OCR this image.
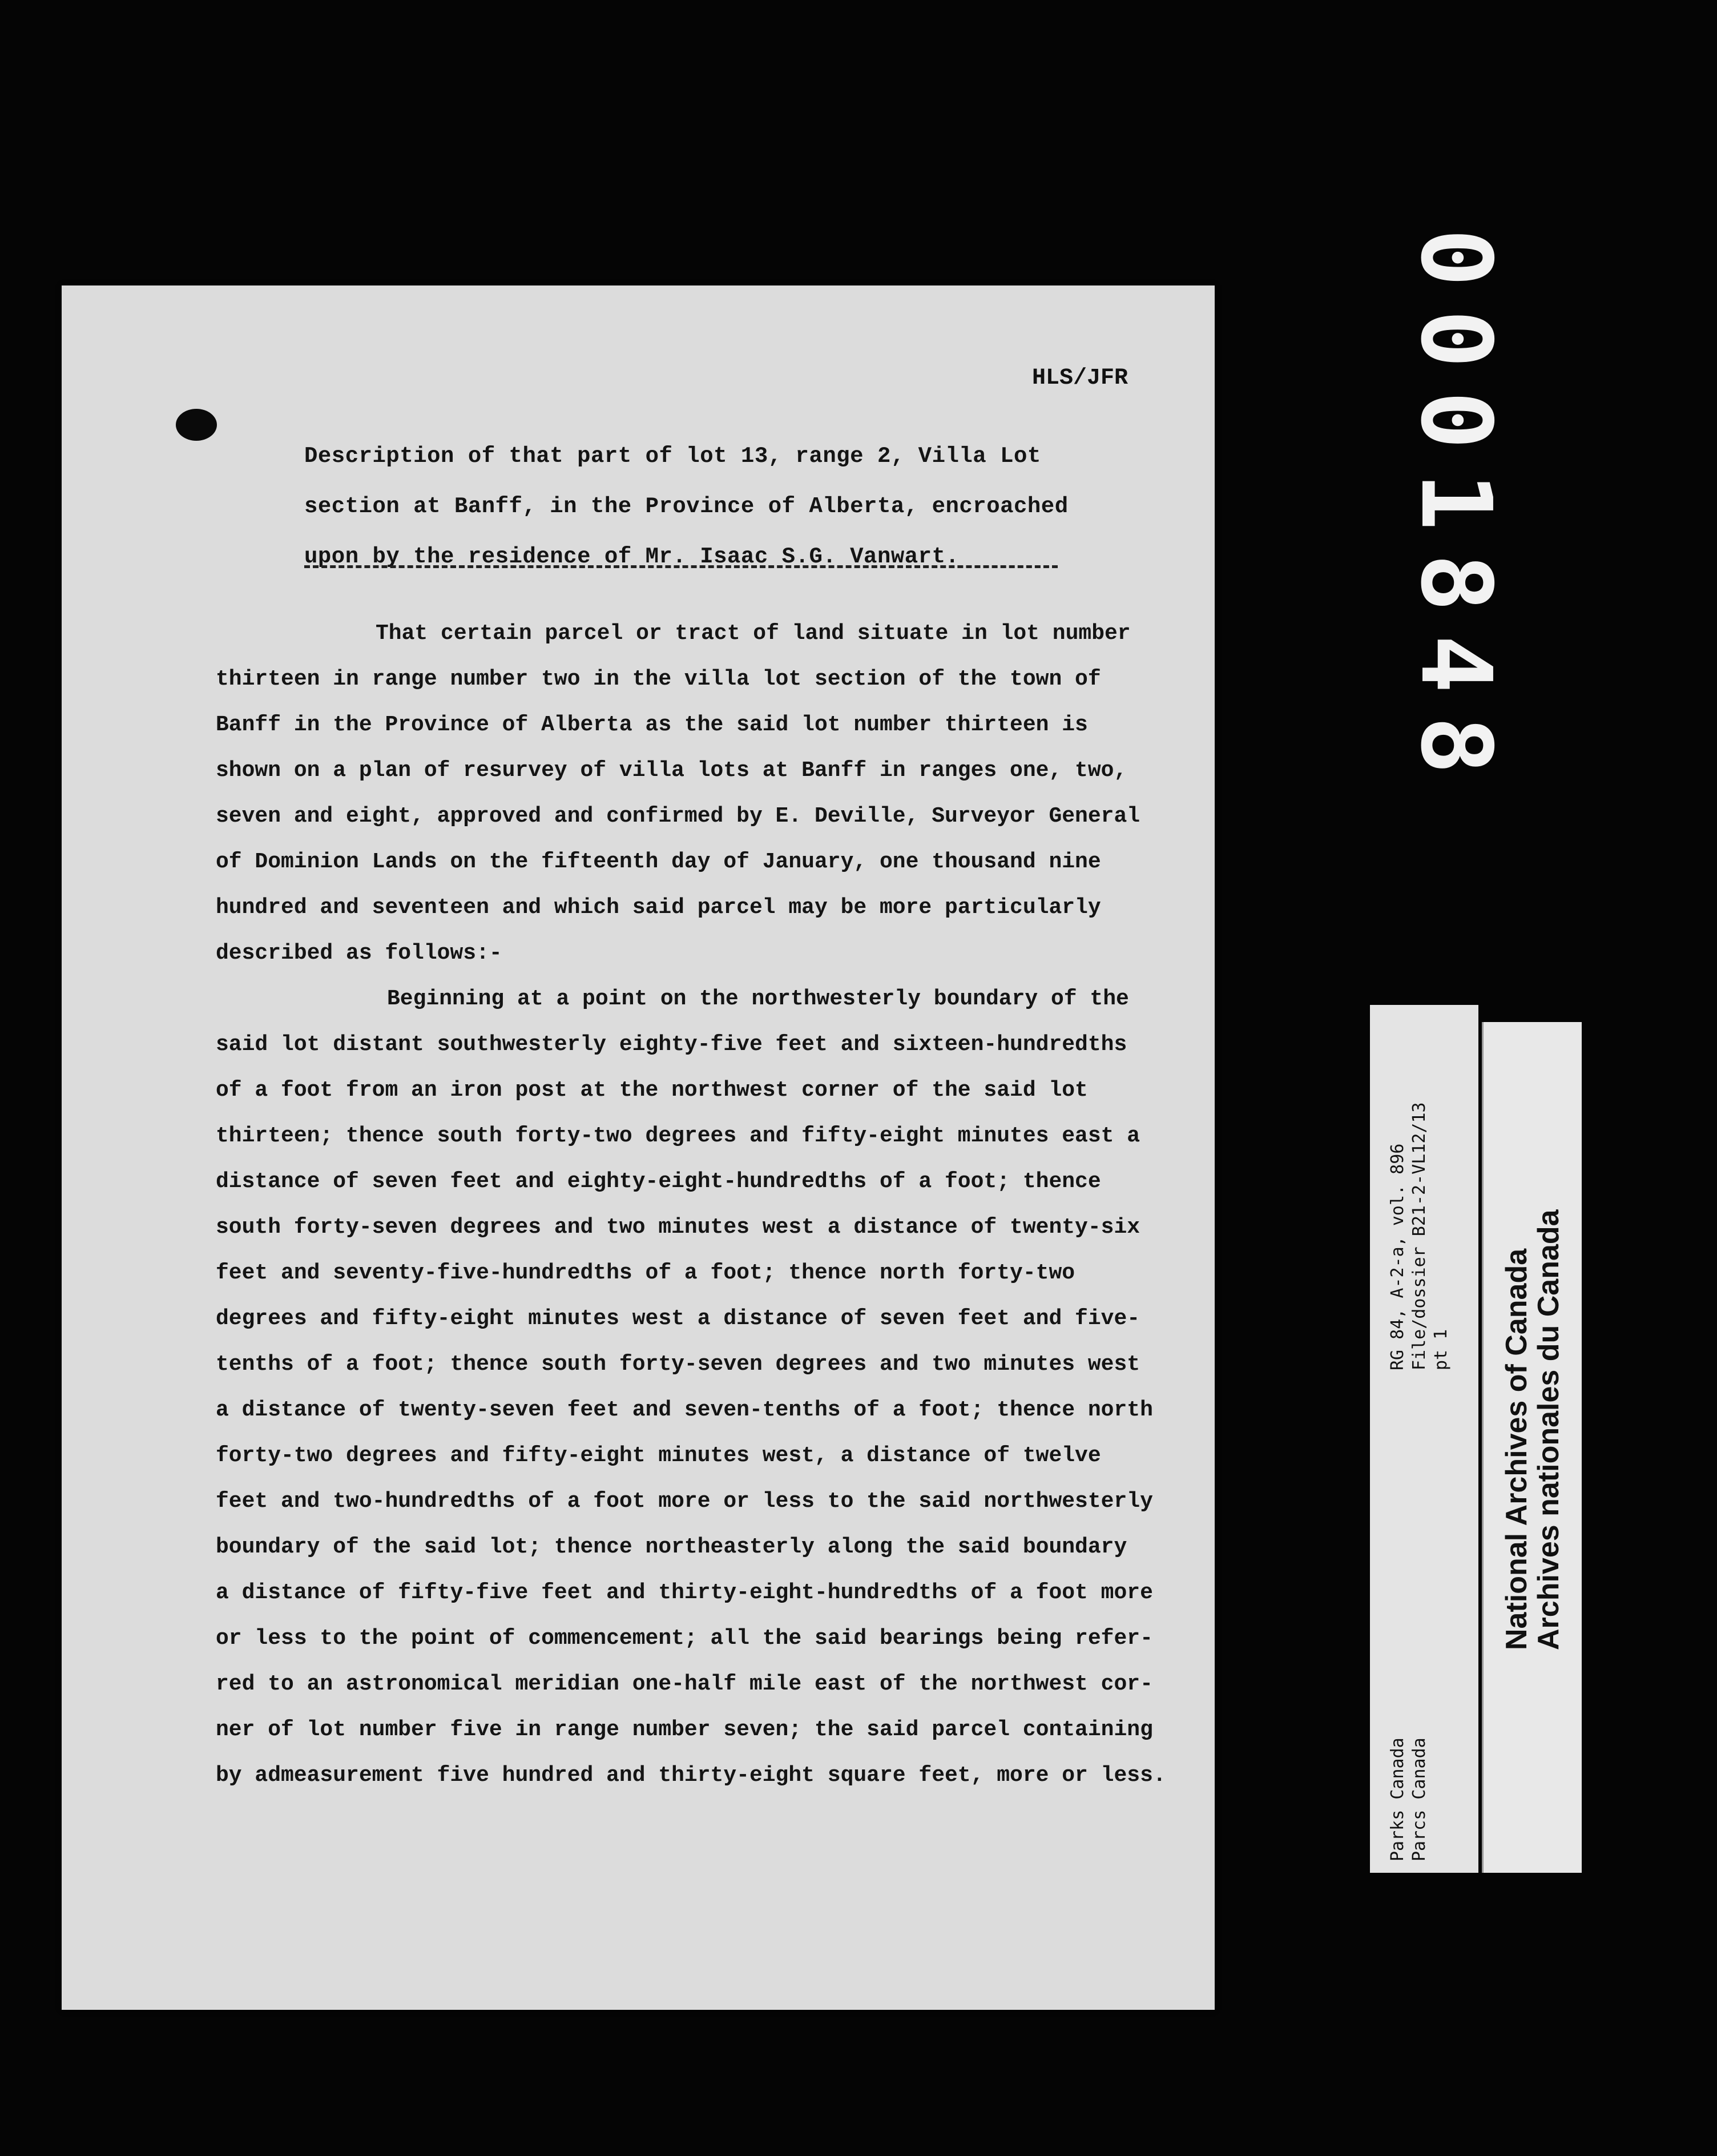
HLS/JFR
Description of that part of lot 13, range 2, Villa Lot
section at Banff, in the Province of Alberta, encroached
upon by the residence of Mr. Isaac S.G. Vanwart.
That certain parcel or tract of land situate in lot number
thirteen in range number two in the villa lot section of the town of
Banff in the Province of Alberta as the said lot number thirteen is
shown on a plan of resurvey of villa lots at Banff in ranges one, two,
seven and eight, approved and confirmed by E. Deville, Surveyor General
of Dominion Lands on the fifteenth day of January, one thousand nine
hundred and seventeen and which said parcel may be more particularly
described as follows:-
Beginning at a point on the northwesterly boundary of the
said lot distant southwesterly eighty-five feet and sixteen-hundredths
of a foot from an iron post at the northwest corner of the said lot
thirteen; thence south forty-two degrees and fifty-eight minutes east a
distance of seven feet and eighty-eight-hundredths of a foot; thence
south forty-seven degrees and two minutes west a distance of twenty-six
feet and seventy-five-hundredths of a foot; thence north forty-two
degrees and fifty-eight minutes west a distance of seven feet and five-
tenths of a foot; thence south forty-seven degrees and two minutes west
a distance of twenty-seven feet and seven-tenths of a foot; thence north
forty-two degrees and fifty-eight minutes west, a distance of twelve
feet and two-hundredths of a foot more or less to the said northwesterly
boundary of the said lot; thence northeasterly along the said boundary
a distance of fifty-five feet and thirty-eight-hundredths of a foot more
or less to the point of commencement; all the said bearings being refer-
red to an astronomical meridian one-half mile east of the northwest cor-
ner of lot number five in range number seven; the said parcel containing
by admeasurement five hundred and thirty-eight square feet, more or less.
0001848
Parks Canada Parcs Canada
RG 84, A-2-a, vol. 896 File/dossier B21-2-VL12/13 pt 1 National Archives of Canada
Archives nationales du Canada
